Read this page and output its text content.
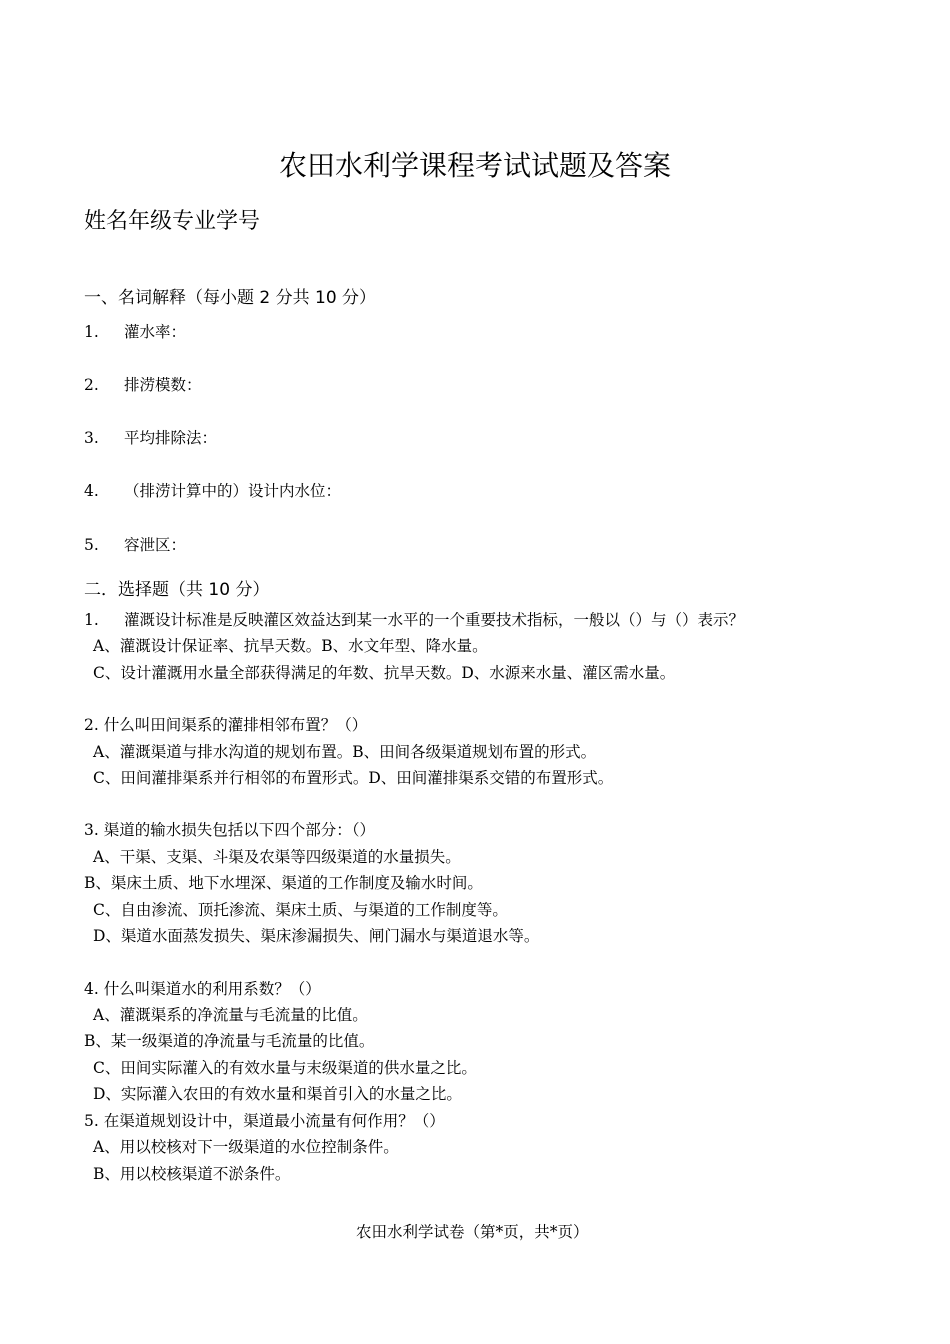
农田水利学课程考试试题及答案
姓名年级专业学号
一、名词解释（每小题 2 分共 10 分）
1. 灌水率：
2. 排涝模数：
3. 平均排除法：
4. （排涝计算中的）设计内水位：
5. 容泄区：
二．选择题（共 10 分）
1. 灌溉设计标准是反映灌区效益达到某一水平的一个重要技术指标，一般以（）与（）表示？
A、灌溉设计保证率、抗旱天数。B、水文年型、降水量。
C、设计灌溉用水量全部获得满足的年数、抗旱天数。D、水源来水量、灌区需水量。
2. 什么叫田间渠系的灌排相邻布置？（）
A、灌溉渠道与排水沟道的规划布置。B、田间各级渠道规划布置的形式。
C、田间灌排渠系并行相邻的布置形式。D、田间灌排渠系交错的布置形式。
3. 渠道的输水损失包括以下四个部分：（）
A、干渠、支渠、斗渠及农渠等四级渠道的水量损失。
B、渠床土质、地下水埋深、渠道的工作制度及输水时间。
C、自由渗流、顶托渗流、渠床土质、与渠道的工作制度等。
D、渠道水面蒸发损失、渠床渗漏损失、闸门漏水与渠道退水等。
4. 什么叫渠道水的利用系数？（）
A、灌溉渠系的净流量与毛流量的比值。
B、某一级渠道的净流量与毛流量的比值。
C、田间实际灌入的有效水量与末级渠道的供水量之比。
D、实际灌入农田的有效水量和渠首引入的水量之比。
5. 在渠道规划设计中，渠道最小流量有何作用？（）
A、用以校核对下一级渠道的水位控制条件。
B、用以校核渠道不淤条件。
农田水利学试卷（第*页，共*页）
